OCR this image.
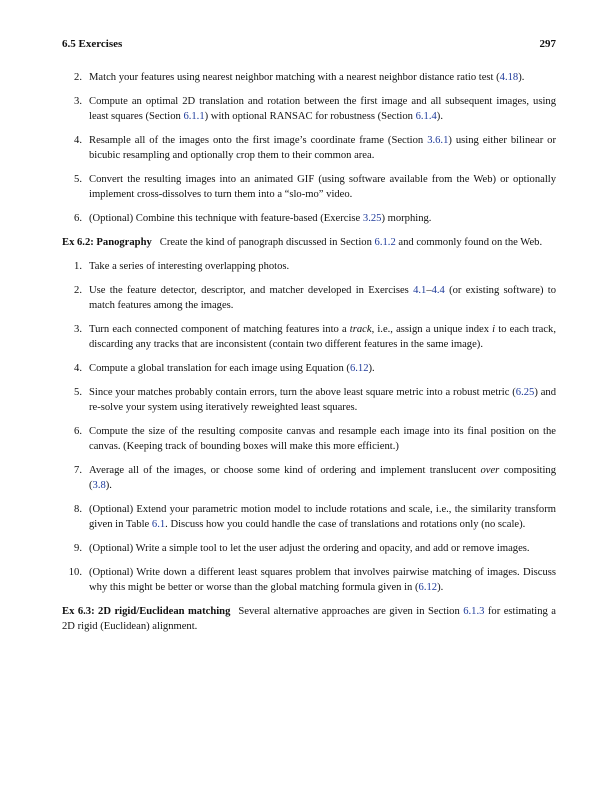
6.5 Exercises	297
2. Match your features using nearest neighbor matching with a nearest neighbor distance ratio test (4.18).
3. Compute an optimal 2D translation and rotation between the first image and all subsequent images, using least squares (Section 6.1.1) with optional RANSAC for robustness (Section 6.1.4).
4. Resample all of the images onto the first image’s coordinate frame (Section 3.6.1) using either bilinear or bicubic resampling and optionally crop them to their common area.
5. Convert the resulting images into an animated GIF (using software available from the Web) or optionally implement cross-dissolves to turn them into a “slo-mo” video.
6. (Optional) Combine this technique with feature-based (Exercise 3.25) morphing.

Ex 6.2: Panography Create the kind of panograph discussed in Section 6.1.2 and commonly found on the Web.

1. Take a series of interesting overlapping photos.
2. Use the feature detector, descriptor, and matcher developed in Exercises 4.1–4.4 (or existing software) to match features among the images.
3. Turn each connected component of matching features into a track, i.e., assign a unique index i to each track, discarding any tracks that are inconsistent (contain two different features in the same image).
4. Compute a global translation for each image using Equation (6.12).
5. Since your matches probably contain errors, turn the above least square metric into a robust metric (6.25) and re-solve your system using iteratively reweighted least squares.
6. Compute the size of the resulting composite canvas and resample each image into its final position on the canvas. (Keeping track of bounding boxes will make this more efficient.)
7. Average all of the images, or choose some kind of ordering and implement translucent over compositing (3.8).
8. (Optional) Extend your parametric motion model to include rotations and scale, i.e., the similarity transform given in Table 6.1. Discuss how you could handle the case of translations and rotations only (no scale).
9. (Optional) Write a simple tool to let the user adjust the ordering and opacity, and add or remove images.
10. (Optional) Write down a different least squares problem that involves pairwise matching of images. Discuss why this might be better or worse than the global matching formula given in (6.12).

Ex 6.3: 2D rigid/Euclidean matching Several alternative approaches are given in Section 6.1.3 for estimating a 2D rigid (Euclidean) alignment.
